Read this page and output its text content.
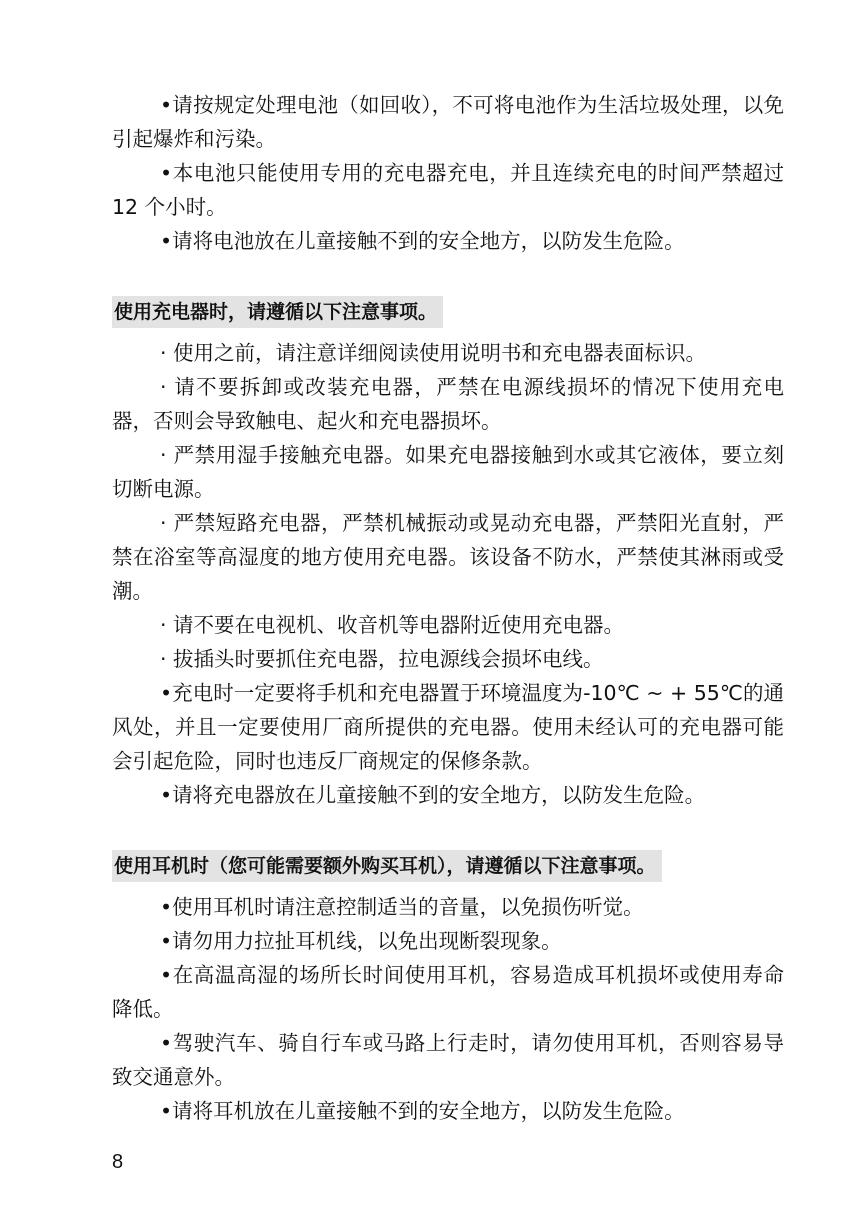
•请按规定处理电池（如回收），不可将电池作为生活垃圾处理，以免引起爆炸和污染。

•本电池只能使用专用的充电器充电，并且连续充电的时间严禁超过 12 个小时。

•请将电池放在儿童接触不到的安全地方，以防发生危险。

使用充电器时，请遵循以下注意事项。

· 使用之前，请注意详细阅读使用说明书和充电器表面标识。

· 请不要拆卸或改装充电器，严禁在电源线损坏的情况下使用充电器，否则会导致触电、起火和充电器损坏。

· 严禁用湿手接触充电器。如果充电器接触到水或其它液体，要立刻切断电源。

· 严禁短路充电器，严禁机械振动或晃动充电器，严禁阳光直射，严禁在浴室等高湿度的地方使用充电器。该设备不防水，严禁使其淋雨或受潮。

· 请不要在电视机、收音机等电器附近使用充电器。

· 拔插头时要抓住充电器，拉电源线会损坏电线。

•充电时一定要将手机和充电器置于环境温度为-10℃ ~ + 55℃的通风处，并且一定要使用厂商所提供的充电器。使用未经认可的充电器可能会引起危险，同时也违反厂商规定的保修条款。

•请将充电器放在儿童接触不到的安全地方，以防发生危险。

使用耳机时（您可能需要额外购买耳机），请遵循以下注意事项。

•使用耳机时请注意控制适当的音量，以免损伤听觉。

•请勿用力拉扯耳机线，以免出现断裂现象。

•在高温高湿的场所长时间使用耳机，容易造成耳机损坏或使用寿命降低。

•驾驶汽车、骑自行车或马路上行走时，请勿使用耳机，否则容易导致交通意外。

•请将耳机放在儿童接触不到的安全地方，以防发生危险。

8
